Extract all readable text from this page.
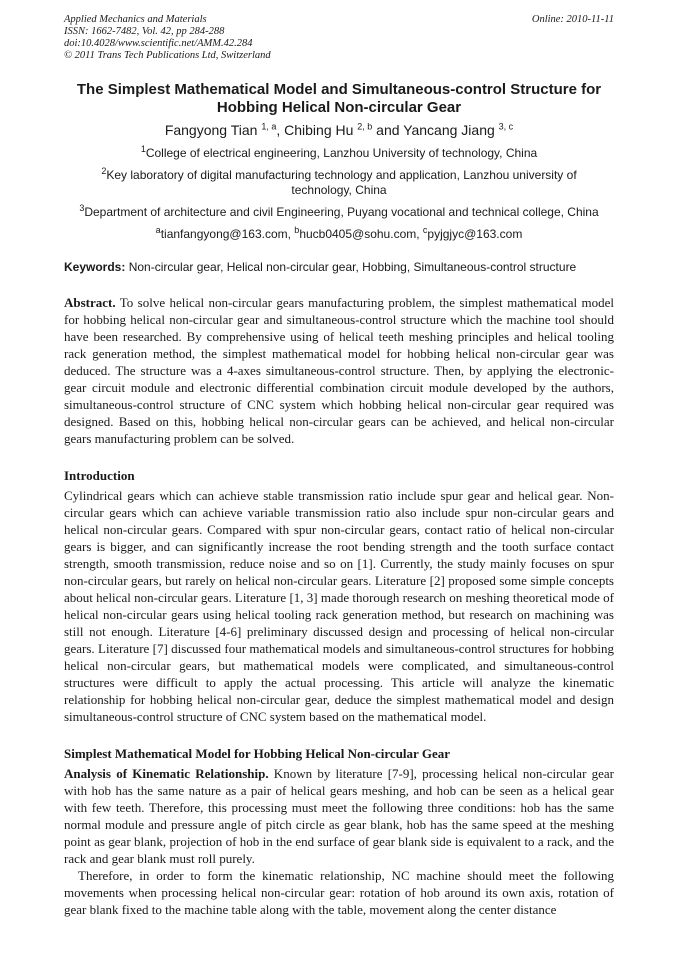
Applied Mechanics and Materials
ISSN: 1662-7482, Vol. 42, pp 284-288
doi:10.4028/www.scientific.net/AMM.42.284
© 2011 Trans Tech Publications Ltd, Switzerland
Online: 2010-11-11
The Simplest Mathematical Model and Simultaneous-control Structure for Hobbing Helical Non-circular Gear
Fangyong Tian $^{1, a}$, Chibing Hu $^{2, b}$ and Yancang Jiang $^{3, c}$
$^1$College of electrical engineering, Lanzhou University of technology, China
$^2$Key laboratory of digital manufacturing technology and application, Lanzhou university of technology, China
$^3$Department of architecture and civil Engineering, Puyang vocational and technical college, China
$^a$tianfangyong@163.com, $^b$hucb0405@sohu.com, $^c$pyjgjyc@163.com
Keywords: Non-circular gear, Helical non-circular gear, Hobbing, Simultaneous-control structure
Abstract. To solve helical non-circular gears manufacturing problem, the simplest mathematical model for hobbing helical non-circular gear and simultaneous-control structure which the machine tool should have been researched. By comprehensive using of helical teeth meshing principles and helical tooling rack generation method, the simplest mathematical model for hobbing helical non-circular gear was deduced. The structure was a 4-axes simultaneous-control structure. Then, by applying the electronic-gear circuit module and electronic differential combination circuit module developed by the authors, simultaneous-control structure of CNC system which hobbing helical non-circular gear required was designed. Based on this, hobbing helical non-circular gears can be achieved, and helical non-circular gears manufacturing problem can be solved.
Introduction
Cylindrical gears which can achieve stable transmission ratio include spur gear and helical gear. Non-circular gears which can achieve variable transmission ratio also include spur non-circular gears and helical non-circular gears. Compared with spur non-circular gears, contact ratio of helical non-circular gears is bigger, and can significantly increase the root bending strength and the tooth surface contact strength, smooth transmission, reduce noise and so on [1]. Currently, the study mainly focuses on spur non-circular gears, but rarely on helical non-circular gears. Literature [2] proposed some simple concepts about helical non-circular gears. Literature [1, 3] made thorough research on meshing theoretical mode of helical non-circular gears using helical tooling rack generation method, but research on machining was still not enough. Literature [4-6] preliminary discussed design and processing of helical non-circular gears. Literature [7] discussed four mathematical models and simultaneous-control structures for hobbing helical non-circular gears, but mathematical models were complicated, and simultaneous-control structures were difficult to apply the actual processing. This article will analyze the kinematic relationship for hobbing helical non-circular gear, deduce the simplest mathematical model and design simultaneous-control structure of CNC system based on the mathematical model.
Simplest Mathematical Model for Hobbing Helical Non-circular Gear
Analysis of Kinematic Relationship. Known by literature [7-9], processing helical non-circular gear with hob has the same nature as a pair of helical gears meshing, and hob can be seen as a helical gear with few teeth. Therefore, this processing must meet the following three conditions: hob has the same normal module and pressure angle of pitch circle as gear blank, hob has the same speed at the meshing point as gear blank, projection of hob in the end surface of gear blank side is equivalent to a rack, and the rack and gear blank must roll purely.
Therefore, in order to form the kinematic relationship, NC machine should meet the following movements when processing helical non-circular gear: rotation of hob around its own axis, rotation of gear blank fixed to the machine table along with the table, movement along the center distance
